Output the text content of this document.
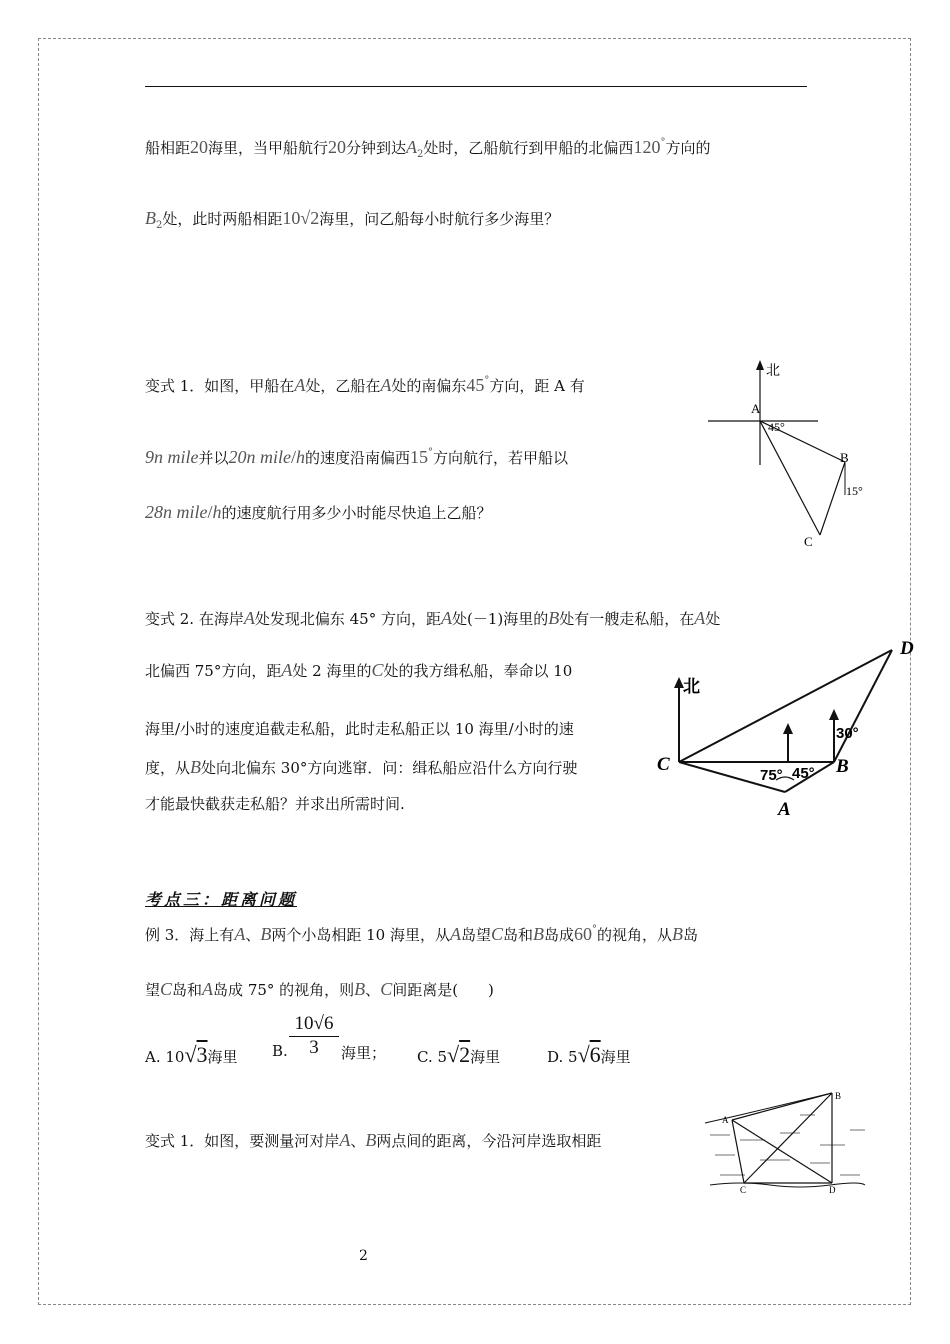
船相距20海里，当甲船航行20分钟到达$A_2$处时，乙船航行到甲船的北偏西120°方向的
$B_2$处，此时两船相距10√2海里，问乙船每小时航行多少海里？
变式 1．如图，甲船在A处，乙船在A处的南偏东45°方向，距 A 有
9n mile并以20n mile/h的速度沿南偏西15°方向航行，若甲船以
28n mile/h的速度航行用多少小时能尽快追上乙船？
北
A
45°
B
15°
C
变式 2. 在海岸A处发现北偏东 45° 方向，距A处(－1)海里的B处有一艘走私船，在A处
北偏西 75°方向，距A处 2 海里的C处的我方缉私船，奉命以 10
海里/小时的速度追截走私船，此时走私船正以 10 海里/小时的速
度，从B处向北偏东 30°方向逃窜．问：缉私船应沿什么方向行驶
才能最快截获走私船？并求出所需时间.
北
C	B
A
D
75° 45°
30°
考点三：距离问题
例 3．海上有A、B两个小岛相距 10 海里，从A岛望C岛和B岛成60°的视角，从B岛
望C岛和A岛成 75° 的视角，则B、C间距离是(　　)
A. 10√3海里 B. $\frac{10√6}{3}$ 海里； C. 5√2海里	D. 5√6海里
变式 1．如图，要测量河对岸A、B两点间的距离，今沿河岸选取相距
A
B
C	D
2
